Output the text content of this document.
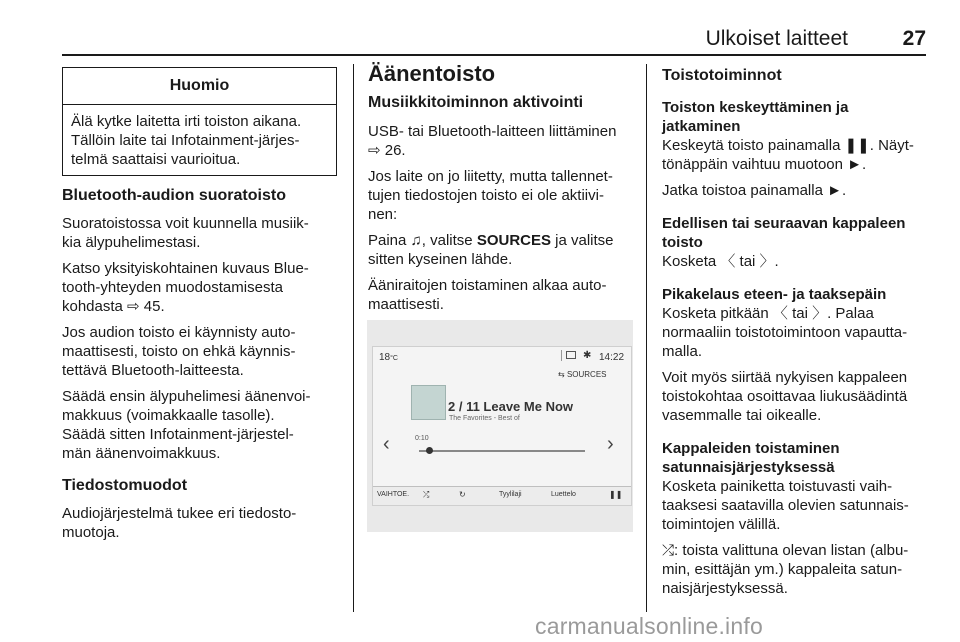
Ulkoiset laitteet	27
Huomio
Älä kytke laitetta irti toiston aikana.
Tällöin laite tai Infotainment-järjes-
telmä saattaisi vaurioitua.
Bluetooth-audion suoratoisto

Suoratoistossa voit kuunnella musiik-
kia älypuhelimestasi.

Katso yksityiskohtainen kuvaus Blue-
tooth-yhteyden muodostamisesta
kohdasta ⇨ 45.

Jos audion toisto ei käynnisty auto-
maattisesti, toisto on ehkä käynnis-
tettävä Bluetooth-laitteesta.

Säädä ensin älypuhelimesi äänenvoi-
makkuus (voimakkaalle tasolle).
Säädä sitten Infotainment-järjestel-
män äänenvoimakkuus.

Tiedostomuodot

Audiojärjestelmä tukee eri tiedosto-
muotoja.

Äänentoisto
Musiikkitoiminnon aktivointi

USB- tai Bluetooth-laitteen liittäminen
⇨ 26.

Jos laite on jo liitetty, mutta tallennet-
tujen tiedostojen toisto ei ole aktiivi-
nen:

Paina ♫, valitse SOURCES ja valitse
sitten kyseinen lähde.

Ääniraitojen toistaminen alkaa auto-
maattisesti.

18°C	✱ 14:22
⇆ SOURCES
2 / 11 Leave Me Now
The Favorites - Best of
0:10
‹	›
VAIHTOE. ⤮	↻	Tyylilaji	Luettelo	❚❚
Toistotoiminnot
Toiston keskeyttäminen ja
jatkaminen

Keskeytä toisto painamalla ❚❚. Näyt-
tönäppäin vaihtuu muotoon ►.

Jatka toistoa painamalla ►.

Edellisen tai seuraavan kappaleen
toisto

Kosketa 〈 tai 〉.

Pikakelaus eteen- ja taaksepäin

Kosketa pitkään 〈 tai 〉. Palaa
normaaliin toistotoimintoon vapautta-
malla.

Voit myös siirtää nykyisen kappaleen
toistokohtaa osoittavaa liukusäädintä
vasemmalle tai oikealle.

Kappaleiden toistaminen
satunnaisjärjestyksessä

Kosketa painiketta toistuvasti vaih-
taaksesi saatavilla olevien satunnais-
toimintojen välillä.

⤮: toista valittuna olevan listan (albu-
min, esittäjän ym.) kappaleita satun-
naisjärjestyksessä.

carmanualsonline.info
